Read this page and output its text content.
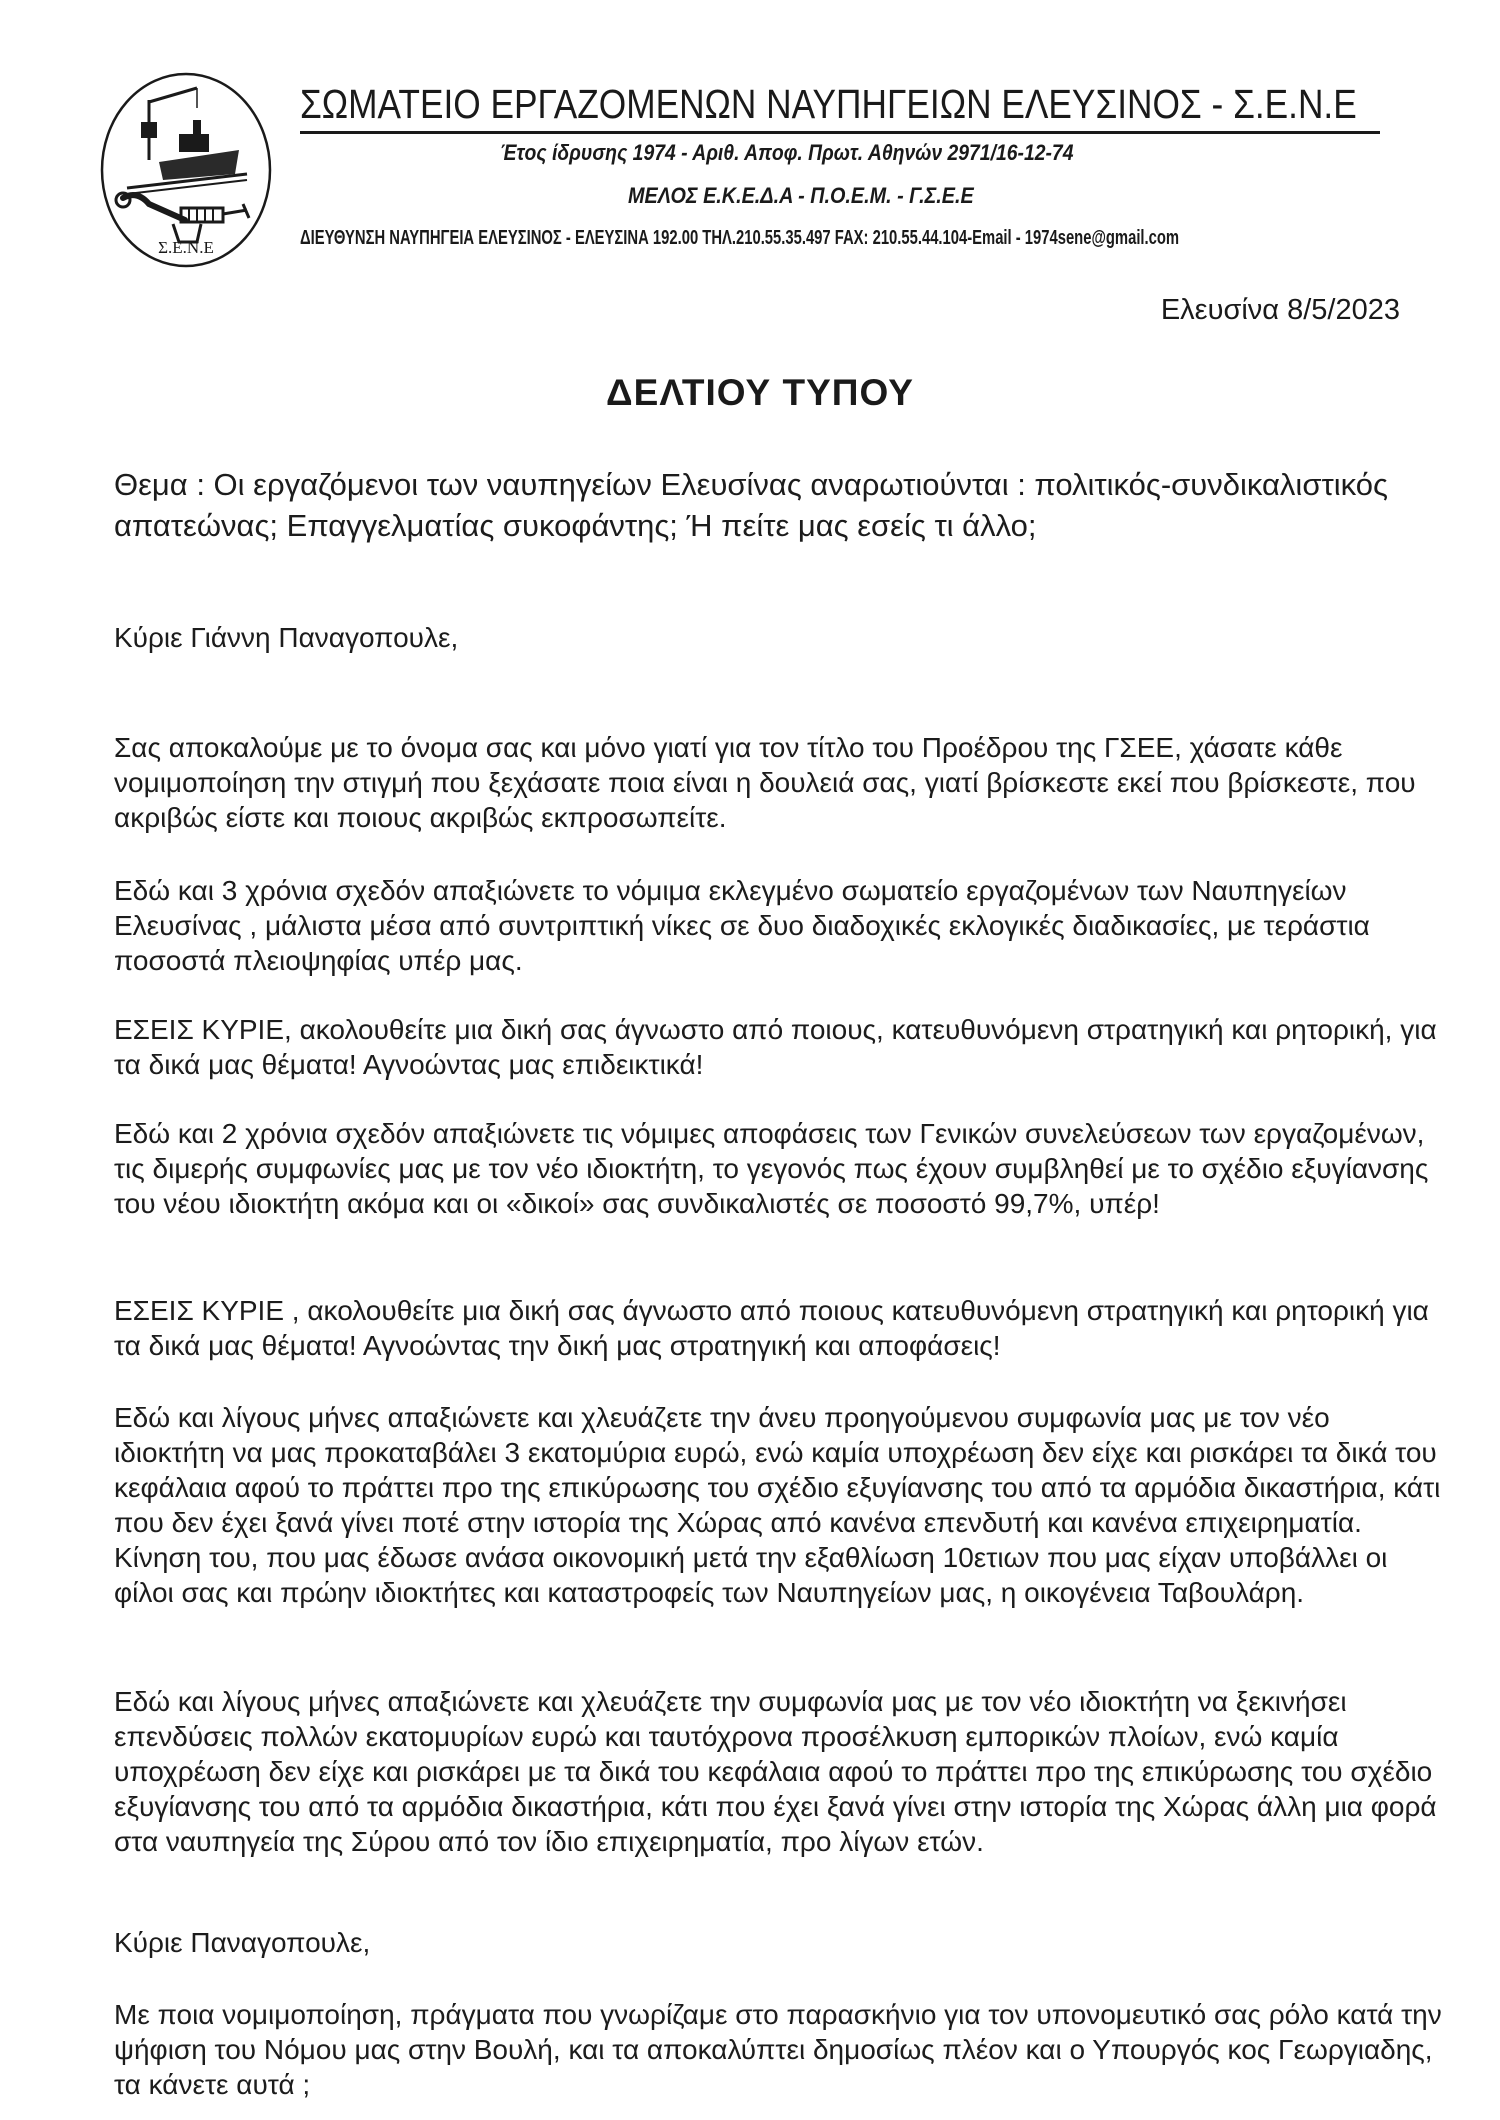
Σ.Ε.Ν.Ε
ΣΩΜΑΤΕΙΟ ΕΡΓΑΖΟΜΕΝΩΝ ΝΑΥΠΗΓΕΙΩΝ ΕΛΕΥΣΙΝΟΣ - Σ.Ε.Ν.Ε
Έτος ίδρυσης 1974 - Αριθ. Αποφ. Πρωτ. Αθηνών 2971/16-12-74
ΜΕΛΟΣ Ε.Κ.Ε.Δ.Α - Π.Ο.Ε.Μ. - Γ.Σ.Ε.Ε
ΔΙΕΥΘΥΝΣΗ ΝΑΥΠΗΓΕΙΑ ΕΛΕΥΣΙΝΟΣ - ΕΛΕΥΣΙΝΑ 192.00 ΤΗΛ.210.55.35.497 FAX: 210.55.44.104-Email - 1974sene@gmail.com
Ελευσίνα 8/5/2023
ΔΕΛΤΙΟΥ ΤΥΠΟΥ
Θεμα : Οι εργαζόμενοι των ναυπηγείων Ελευσίνας αναρωτιούνται : πολιτικός-συνδικαλιστικός απατεώνας; Επαγγελματίας συκοφάντης; Ή πείτε μας εσείς τι άλλο;
Κύριε Γιάννη Παναγοπουλε,

Σας αποκαλούμε με το όνομα σας και μόνο γιατί για τον τίτλο του Προέδρου της ΓΣΕΕ, χάσατε κάθε νομιμοποίηση την στιγμή που ξεχάσατε ποια είναι η δουλειά σας, γιατί βρίσκεστε εκεί που βρίσκεστε, που ακριβώς είστε και ποιους ακριβώς εκπροσωπείτε.

Εδώ και 3 χρόνια σχεδόν απαξιώνετε το νόμιμα εκλεγμένο σωματείο εργαζομένων των Ναυπηγείων Ελευσίνας , μάλιστα μέσα από συντριπτική νίκες σε δυο διαδοχικές εκλογικές διαδικασίες, με τεράστια ποσοστά πλειοψηφίας υπέρ μας.

ΕΣΕΙΣ ΚΥΡΙΕ, ακολουθείτε μια δική σας άγνωστο από ποιους, κατευθυνόμενη στρατηγική και ρητορική, για τα δικά μας θέματα! Αγνοώντας μας επιδεικτικά!

Εδώ και 2 χρόνια σχεδόν απαξιώνετε τις νόμιμες αποφάσεις των Γενικών συνελεύσεων των εργαζομένων, τις διμερής συμφωνίες μας με τον νέο ιδιοκτήτη, το γεγονός πως έχουν συμβληθεί με το σχέδιο εξυγίανσης του νέου ιδιοκτήτη ακόμα και οι «δικοί» σας συνδικαλιστές σε ποσοστό 99,7%, υπέρ!

ΕΣΕΙΣ ΚΥΡΙΕ , ακολουθείτε μια δική σας άγνωστο από ποιους κατευθυνόμενη στρατηγική και ρητορική για τα δικά μας θέματα! Αγνοώντας την δική μας στρατηγική και αποφάσεις!

Εδώ και λίγους μήνες απαξιώνετε και χλευάζετε την άνευ προηγούμενου συμφωνία μας με τον νέο ιδιοκτήτη να μας προκαταβάλει 3 εκατομύρια ευρώ, ενώ καμία υποχρέωση δεν είχε και ρισκάρει τα δικά του κεφάλαια αφού το πράττει προ της επικύρωσης του σχέδιο εξυγίανσης του από τα αρμόδια δικαστήρια, κάτι που δεν έχει ξανά γίνει ποτέ στην ιστορία της Χώρας από κανένα επενδυτή και κανένα επιχειρηματία. Κίνηση του, που μας έδωσε ανάσα οικονομική μετά την εξαθλίωση 10ετιων που μας είχαν υποβάλλει οι φίλοι σας και πρώην ιδιοκτήτες και καταστροφείς των Ναυπηγείων μας, η οικογένεια Ταβουλάρη.

Εδώ και λίγους μήνες απαξιώνετε και χλευάζετε την συμφωνία μας με τον νέο ιδιοκτήτη να ξεκινήσει επενδύσεις πολλών εκατομυρίων ευρώ και ταυτόχρονα προσέλκυση εμπορικών πλοίων, ενώ καμία υποχρέωση δεν είχε και ρισκάρει με τα δικά του κεφάλαια αφού το πράττει προ της επικύρωσης του σχέδιο εξυγίανσης του από τα αρμόδια δικαστήρια, κάτι που έχει ξανά γίνει στην ιστορία της Χώρας άλλη μια φορά στα ναυπηγεία της Σύρου από τον ίδιο επιχειρηματία, προ λίγων ετών.

Κύριε Παναγοπουλε,

Με ποια νομιμοποίηση, πράγματα που γνωρίζαμε στο παρασκήνιο για τον υπονομευτικό σας ρόλο κατά την ψήφιση του Νόμου μας στην Βουλή, και τα αποκαλύπτει δημοσίως πλέον και ο Υπουργός κος Γεωργιαδης, τα κάνετε αυτά ;
